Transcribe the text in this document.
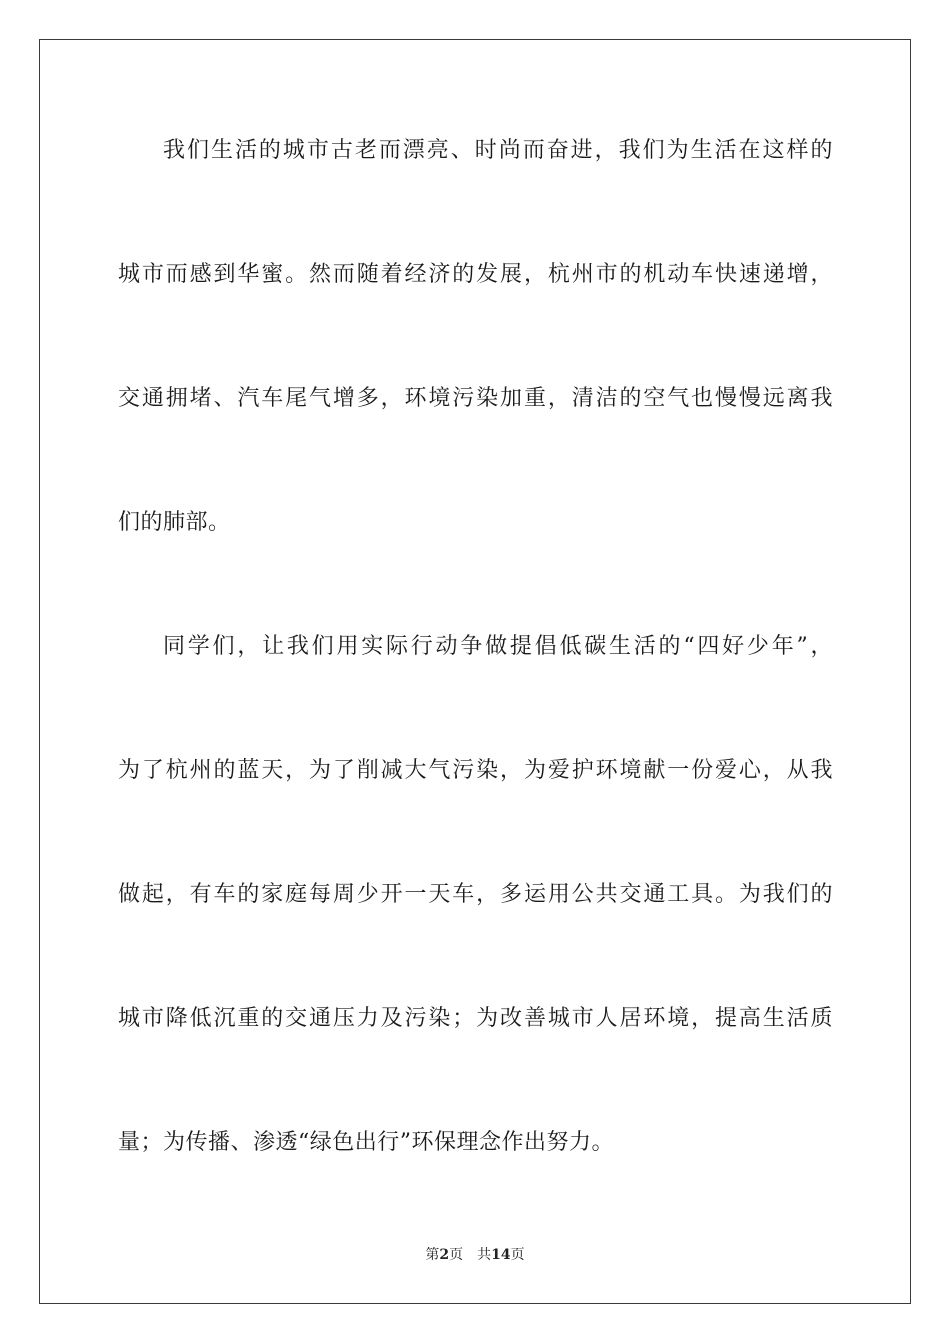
我们生活的城市古老而漂亮、时尚而奋进，我们为生活在这样的
城市而感到华蜜。然而随着经济的发展，杭州市的机动车快速递增，
交通拥堵、汽车尾气增多，环境污染加重，清洁的空气也慢慢远离我
们的肺部。
同学们，让我们用实际行动争做提倡低碳生活的“四好少年”，
为了杭州的蓝天，为了削减大气污染，为爱护环境献一份爱心，从我
做起，有车的家庭每周少开一天车，多运用公共交通工具。为我们的
城市降低沉重的交通压力及污染；为改善城市人居环境，提高生活质
量；为传播、渗透“绿色出行”环保理念作出努力。
第2页 共14页
